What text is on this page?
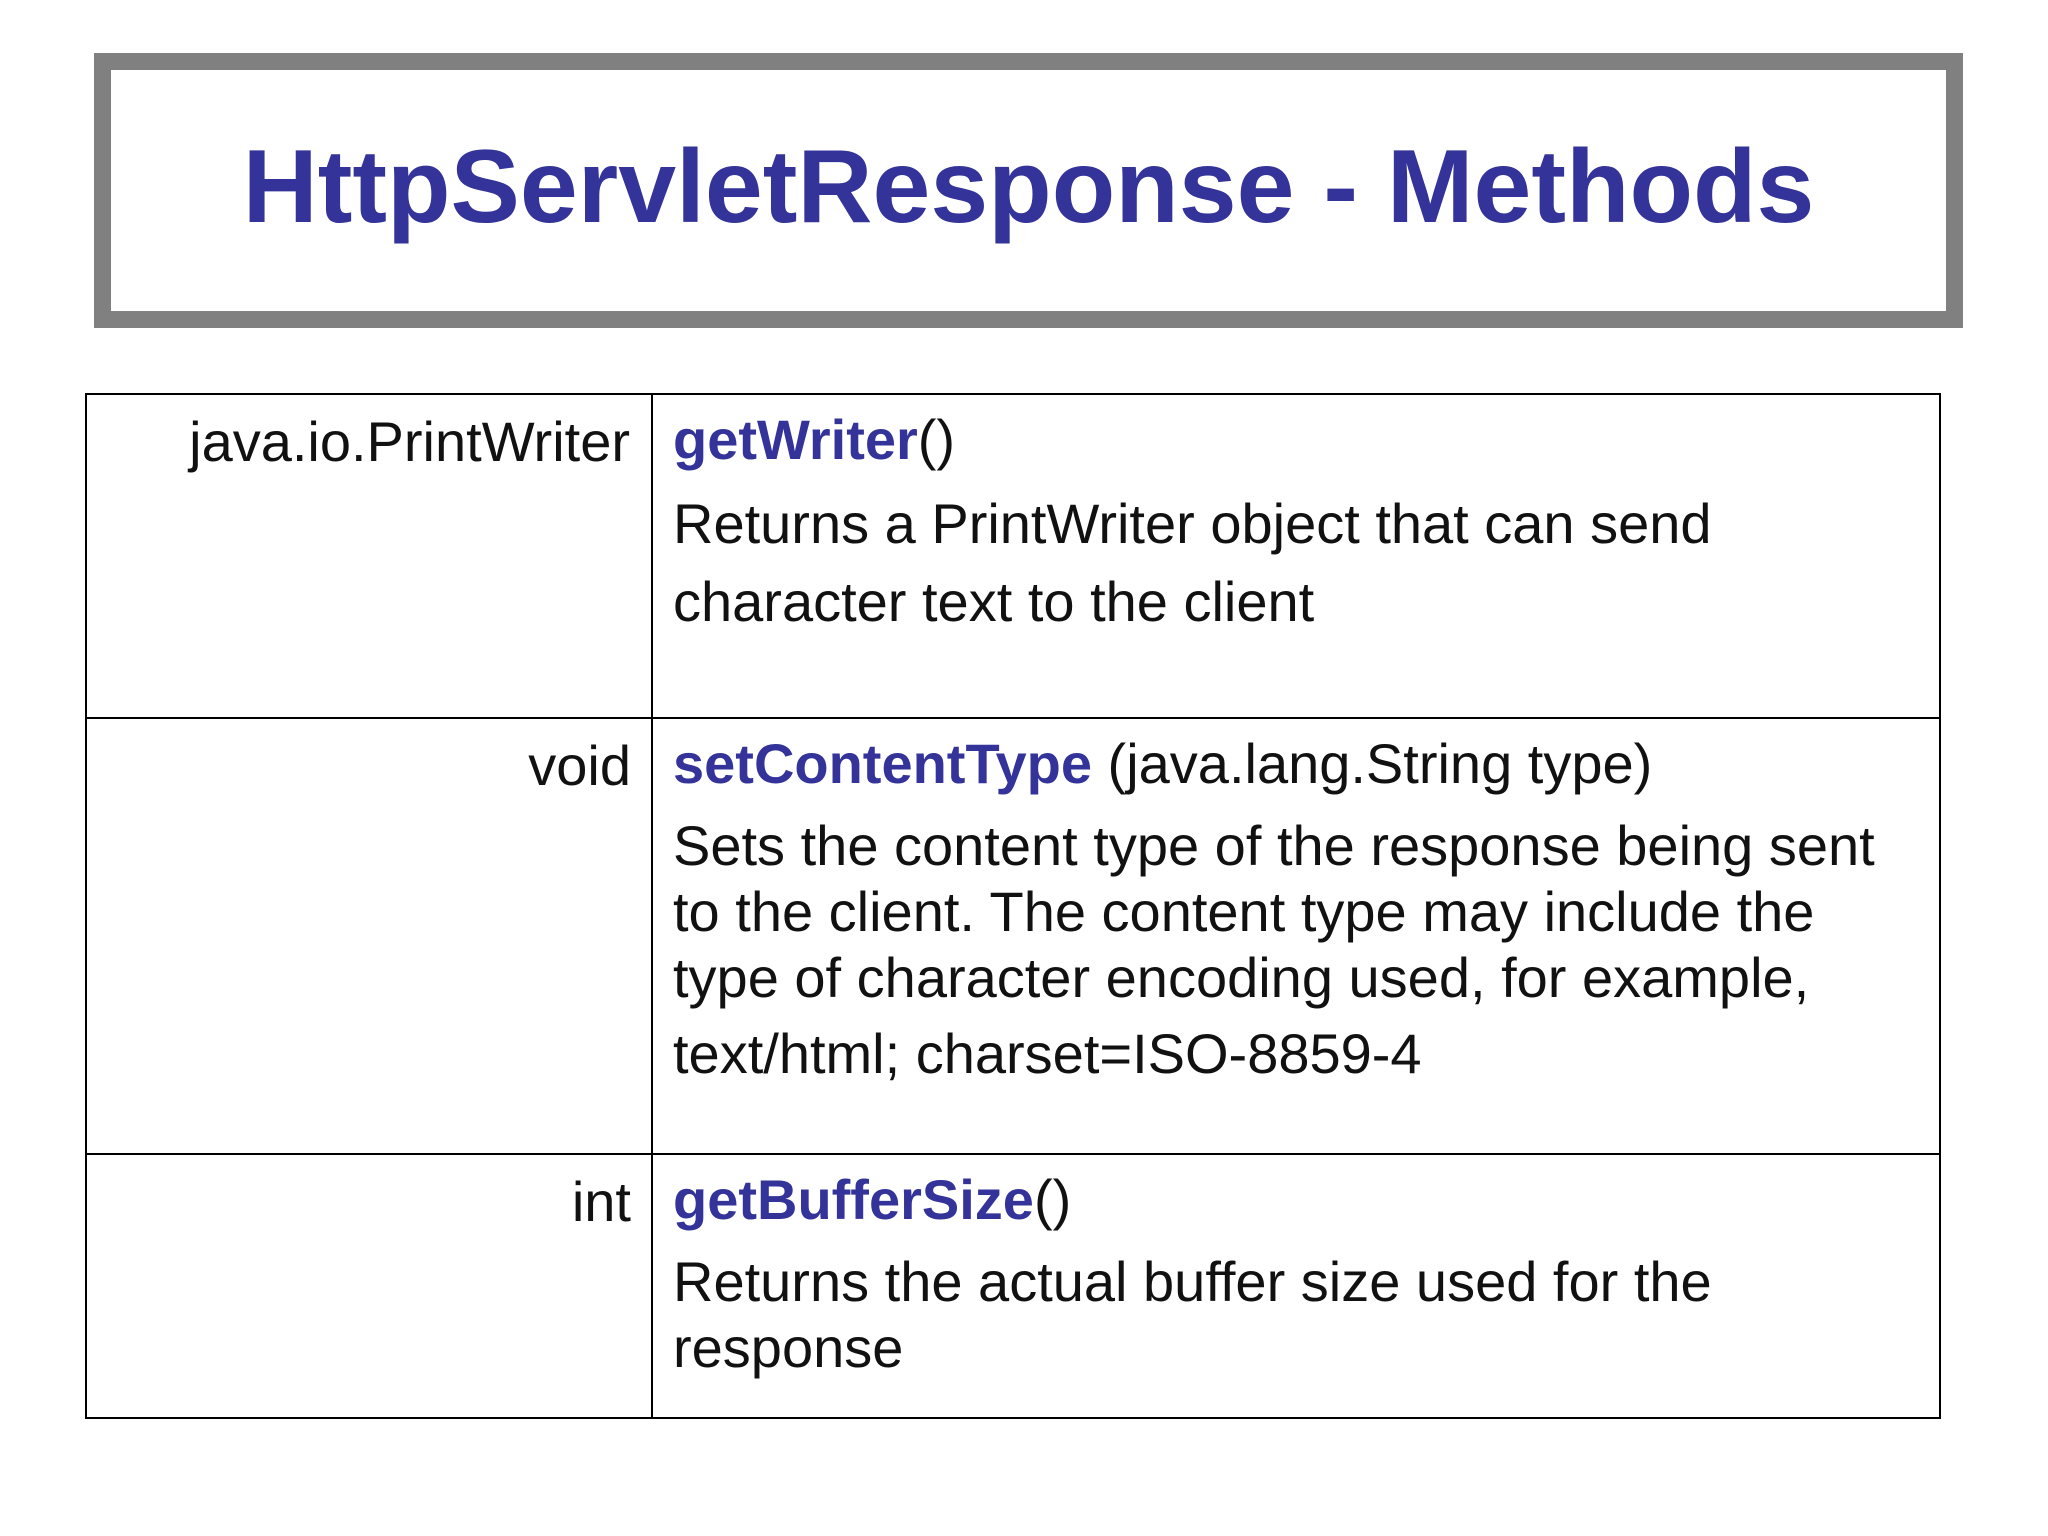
HttpServletResponse - Methods
java.io.PrintWriter	getWriter()
Returns a PrintWriter object that can send character text to the client

void	setContentType (java.lang.String type)
Sets the content type of the response being sent to the client. The content type may include the type of character encoding used, for example,
text/html; charset=ISO-8859-4

int	getBufferSize()
Returns the actual buffer size used for the response
